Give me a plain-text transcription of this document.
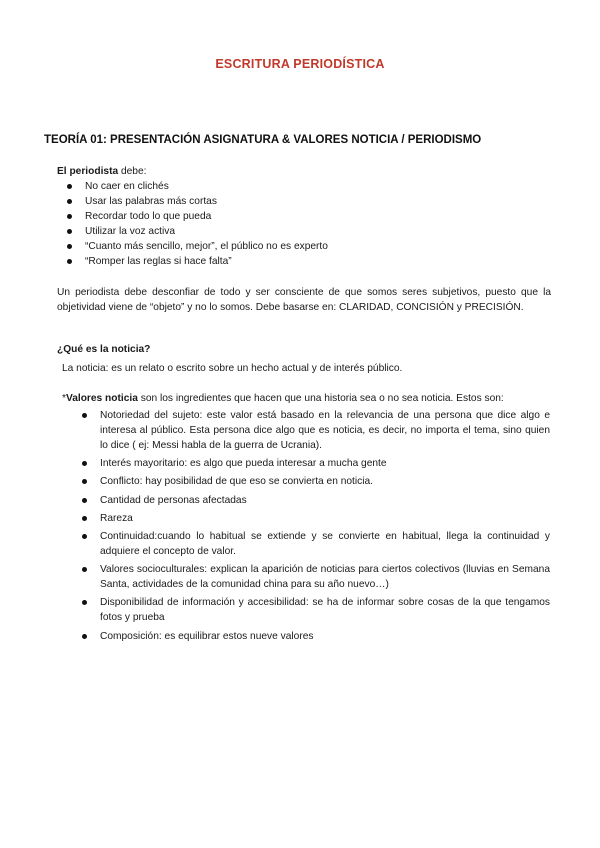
ESCRITURA PERIODÍSTICA
TEORÍA 01: PRESENTACIÓN ASIGNATURA & VALORES NOTICIA / PERIODISMO
El periodista debe:
No caer en clichés
Usar las palabras más cortas
Recordar todo lo que pueda
Utilizar la voz activa
“Cuanto más sencillo, mejor”, el público no es experto
“Romper las reglas si hace falta”
Un periodista debe desconfiar de todo y ser consciente de que somos seres subjetivos, puesto que la objetividad viene de “objeto” y no lo somos. Debe basarse en: CLARIDAD, CONCISIÓN y PRECISIÓN.
¿Qué es la noticia?
La noticia: es un relato o escrito sobre un hecho actual y de interés público.
*Valores noticia son los ingredientes que hacen que una historia sea o no sea noticia. Estos son:
Notoriedad del sujeto: este valor está basado en la relevancia de una persona que dice algo e interesa al público. Esta persona dice algo que es noticia, es decir, no importa el tema, sino quien lo dice ( ej: Messi habla de la guerra de Ucrania).
Interés mayoritario: es algo que pueda interesar a mucha gente
Conflicto: hay posibilidad de que eso se convierta en noticia.
Cantidad de personas afectadas
Rareza
Continuidad:cuando lo habitual se extiende y se convierte en habitual, llega la continuidad y adquiere el concepto de valor.
Valores socioculturales: explican la aparición de noticias para ciertos colectivos (lluvias en Semana Santa, actividades de la comunidad china para su año nuevo…)
Disponibilidad de información y accesibilidad: se ha de informar sobre cosas de la que tengamos fotos y prueba
Composición: es equilibrar estos nueve valores
